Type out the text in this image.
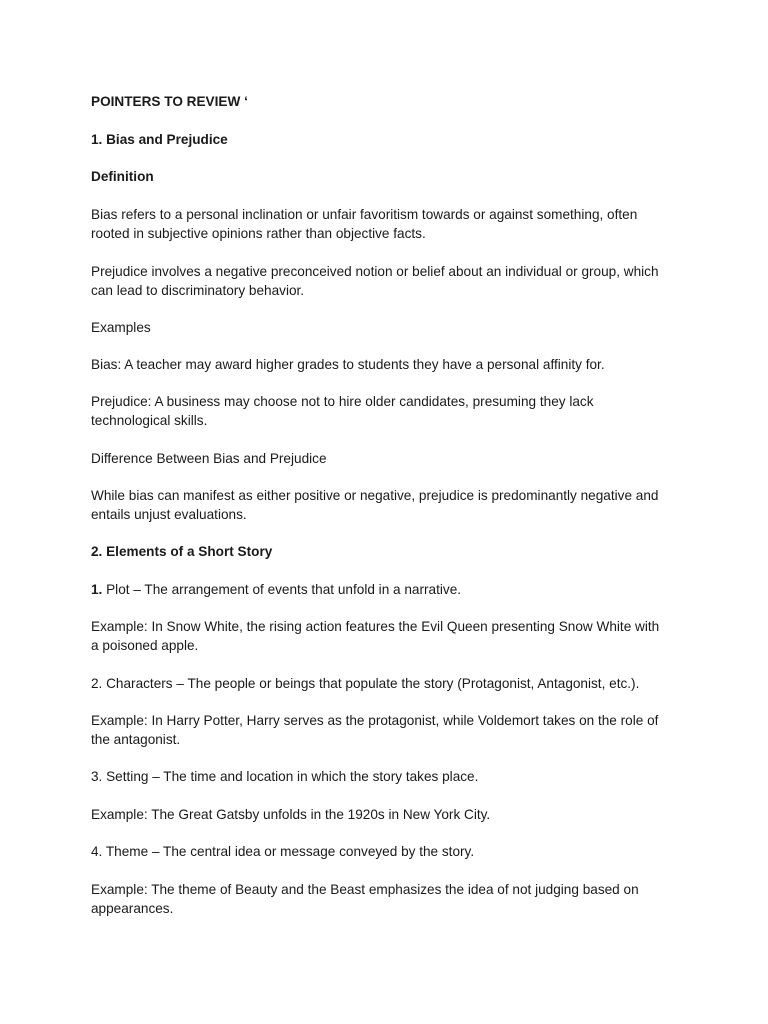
POINTERS TO REVIEW ‘
1. Bias and Prejudice
Definition
Bias refers to a personal inclination or unfair favoritism towards or against something, often
rooted in subjective opinions rather than objective facts.
Prejudice involves a negative preconceived notion or belief about an individual or group, which
can lead to discriminatory behavior.
Examples
Bias: A teacher may award higher grades to students they have a personal affinity for.
Prejudice: A business may choose not to hire older candidates, presuming they lack
technological skills.
Difference Between Bias and Prejudice
While bias can manifest as either positive or negative, prejudice is predominantly negative and
entails unjust evaluations.
2. Elements of a Short Story
1. Plot – The arrangement of events that unfold in a narrative.
Example: In Snow White, the rising action features the Evil Queen presenting Snow White with
a poisoned apple.
2. Characters – The people or beings that populate the story (Protagonist, Antagonist, etc.).
Example: In Harry Potter, Harry serves as the protagonist, while Voldemort takes on the role of
the antagonist.
3. Setting – The time and location in which the story takes place.
Example: The Great Gatsby unfolds in the 1920s in New York City.
4. Theme – The central idea or message conveyed by the story.
Example: The theme of Beauty and the Beast emphasizes the idea of not judging based on
appearances.
